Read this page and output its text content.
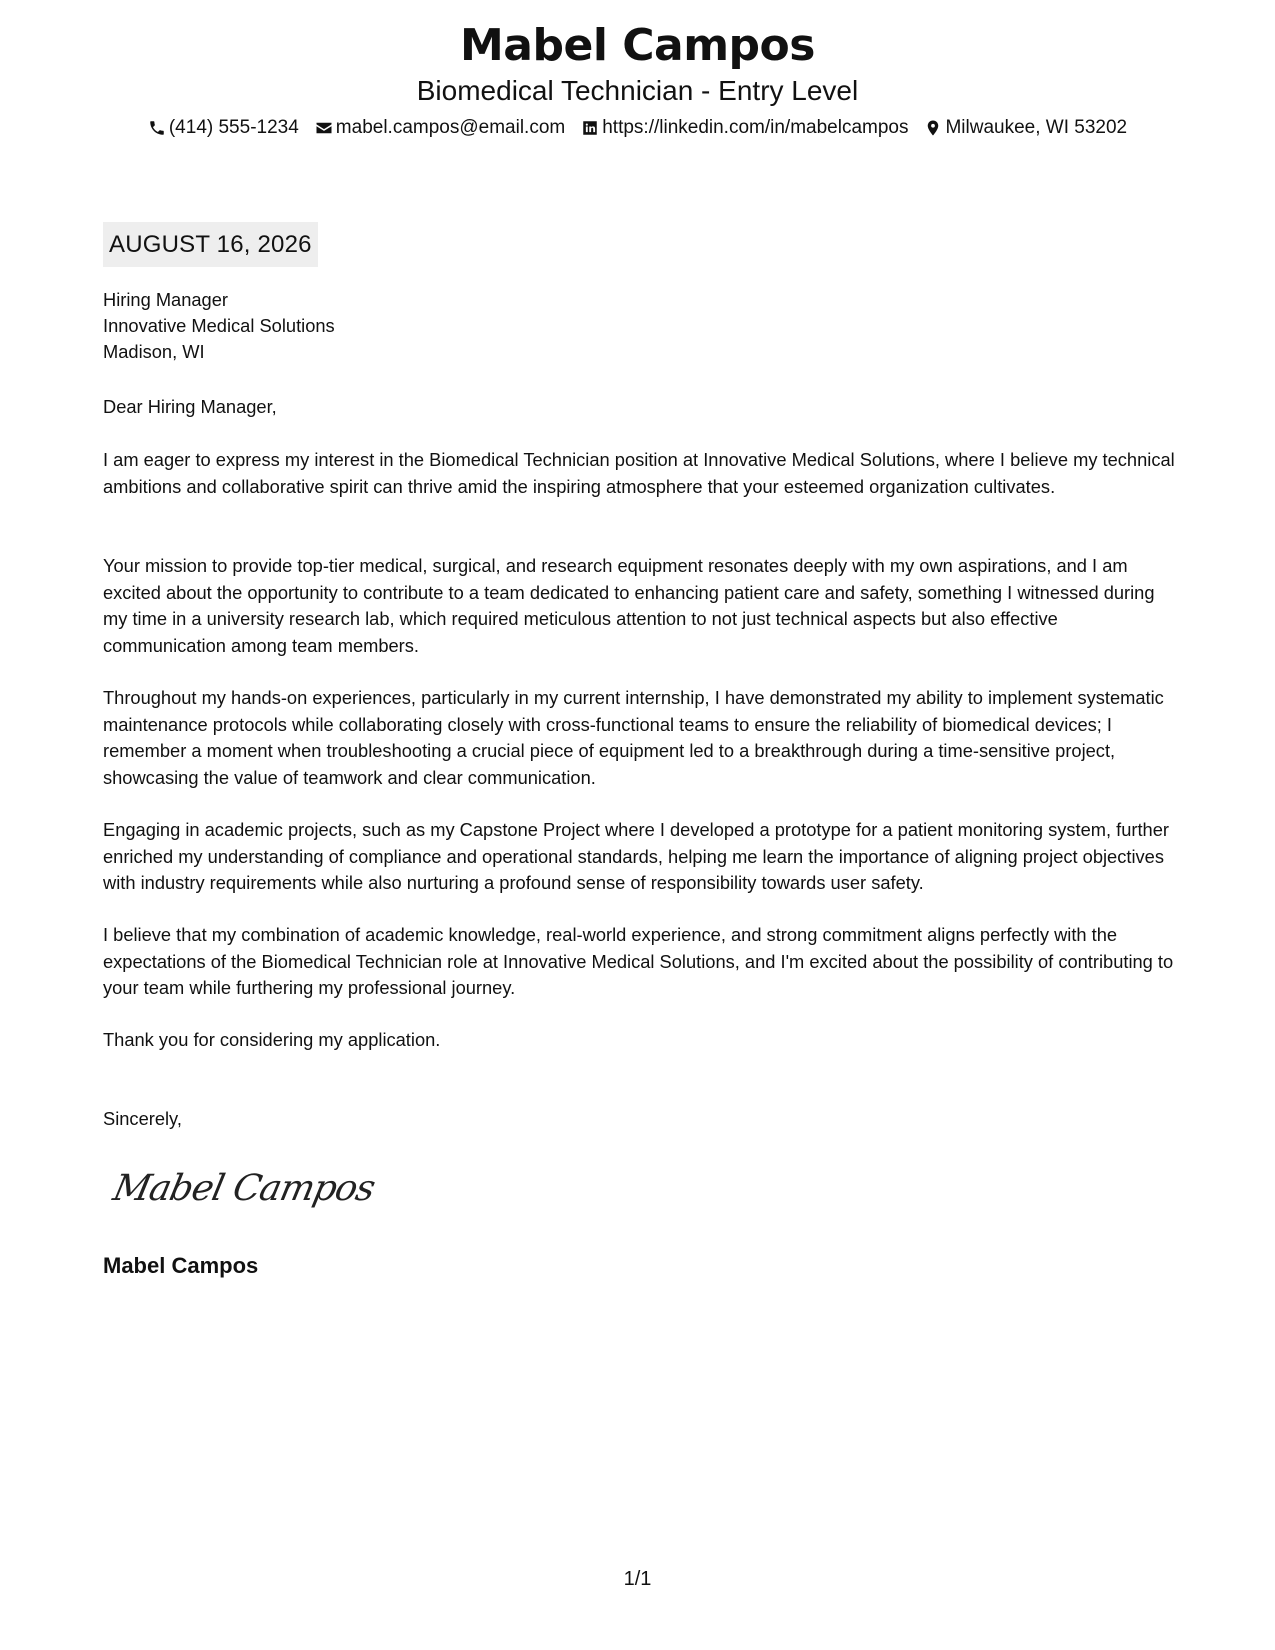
Mabel Campos
Biomedical Technician - Entry Level
(414) 555-1234 mabel.campos@email.com https://linkedin.com/in/mabelcampos Milwaukee, WI 53202
AUGUST 16, 2026
Hiring Manager
Innovative Medical Solutions
Madison, WI
Dear Hiring Manager,
I am eager to express my interest in the Biomedical Technician position at Innovative Medical Solutions, where I believe my technical ambitions and collaborative spirit can thrive amid the inspiring atmosphere that your esteemed organization cultivates.
Your mission to provide top-tier medical, surgical, and research equipment resonates deeply with my own aspirations, and I am excited about the opportunity to contribute to a team dedicated to enhancing patient care and safety, something I witnessed during my time in a university research lab, which required meticulous attention to not just technical aspects but also effective communication among team members.
Throughout my hands-on experiences, particularly in my current internship, I have demonstrated my ability to implement systematic maintenance protocols while collaborating closely with cross-functional teams to ensure the reliability of biomedical devices; I remember a moment when troubleshooting a crucial piece of equipment led to a breakthrough during a time-sensitive project, showcasing the value of teamwork and clear communication.
Engaging in academic projects, such as my Capstone Project where I developed a prototype for a patient monitoring system, further enriched my understanding of compliance and operational standards, helping me learn the importance of aligning project objectives with industry requirements while also nurturing a profound sense of responsibility towards user safety.
I believe that my combination of academic knowledge, real-world experience, and strong commitment aligns perfectly with the expectations of the Biomedical Technician role at Innovative Medical Solutions, and I'm excited about the possibility of contributing to your team while furthering my professional journey.
Thank you for considering my application.
Sincerely,
Mabel Campos
Mabel Campos
1/1
